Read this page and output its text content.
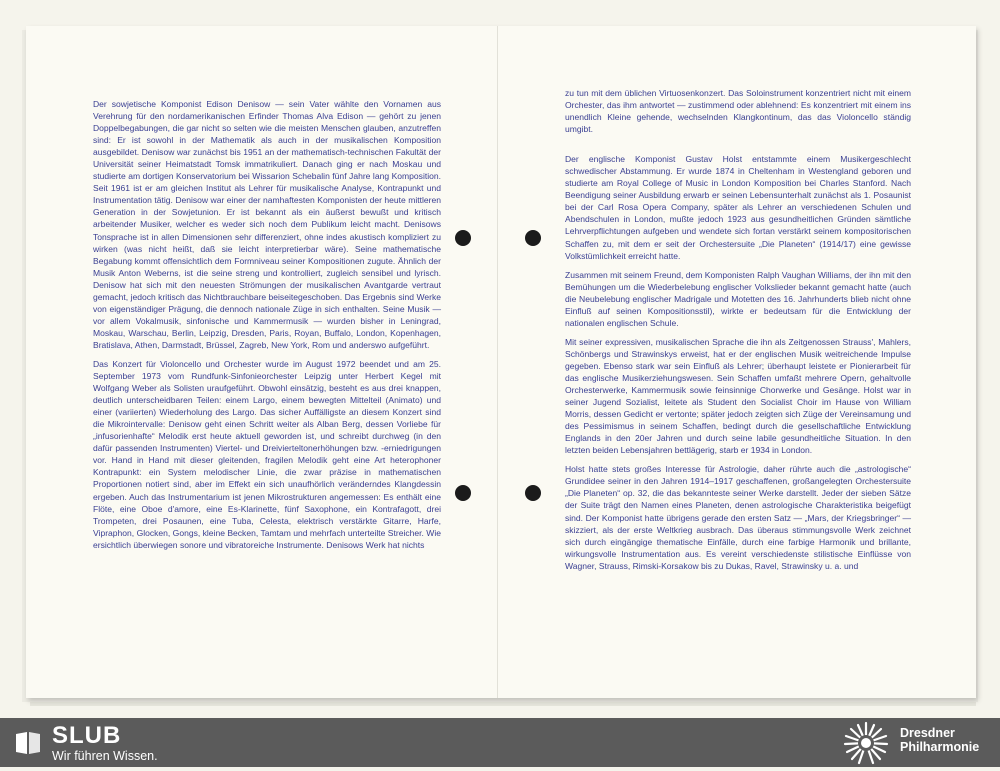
Der sowjetische Komponist Edison Denisow — sein Vater wählte den Vornamen aus Verehrung für den nordamerikanischen Erfinder Thomas Alva Edison — gehört zu jenen Doppelbegabungen, die gar nicht so selten wie die meisten Menschen glauben, anzutreffen sind: Er ist sowohl in der Mathematik als auch in der musikalischen Komposition ausgebildet. Denisow war zunächst bis 1951 an der mathematisch-technischen Fakultät der Universität seiner Heimatstadt Tomsk immatrikuliert. Danach ging er nach Moskau und studierte am dortigen Konservatorium bei Wissarion Schebalin fünf Jahre lang Komposition. Seit 1961 ist er am gleichen Institut als Lehrer für musikalische Analyse, Kontrapunkt und Instrumentation tätig. Denisow war einer der namhaftesten Komponisten der heute mittleren Generation in der Sowjetunion. Er ist bekannt als ein äußerst bewußt und kritisch arbeitender Musiker, welcher es weder sich noch dem Publikum leicht macht. Denisows Tonsprache ist in allen Dimensionen sehr differenziert, ohne indes akustisch kompliziert zu wirken (was nicht heißt, daß sie leicht interpretierbar wäre). Seine mathematische Begabung kommt offensichtlich dem Formniveau seiner Kompositionen zugute. Ähnlich der Musik Anton Weberns, ist die seine streng und kontrolliert, zugleich sensibel und lyrisch. Denisow hat sich mit den neuesten Strömungen der musikalischen Avantgarde vertraut gemacht, jedoch kritisch das Nichtbrauchbare beiseitegeschoben. Das Ergebnis sind Werke von eigenständiger Prägung, die dennoch nationale Züge in sich enthalten. Seine Musik — vor allem Vokalmusik, sinfonische und Kammermusik — wurden bisher in Leningrad, Moskau, Warschau, Berlin, Leipzig, Dresden, Paris, Royan, Buffalo, London, Kopenhagen, Bratislava, Athen, Darmstadt, Brüssel, Zagreb, New York, Rom und anderswo aufgeführt.

Das Konzert für Violoncello und Orchester wurde im August 1972 beendet und am 25. September 1973 vom Rundfunk-Sinfonieorchester Leipzig unter Herbert Kegel mit Wolfgang Weber als Solisten uraufgeführt. Obwohl einsätzig, besteht es aus drei knappen, deutlich unterscheidbaren Teilen: einem Largo, einem bewegten Mittelteil (Animato) und einer (variierten) Wiederholung des Largo. Das sicher Auffälligste an diesem Konzert sind die Mikrointervalle: Denisow geht einen Schritt weiter als Alban Berg, dessen Vorliebe für „infusorienhafte“ Melodik erst heute aktuell geworden ist, und schreibt durchweg (in den dafür passenden Instrumenten) Viertel- und Dreivierteltonerhöhungen bzw. -erniedrigungen vor. Hand in Hand mit dieser gleitenden, fragilen Melodik geht eine Art heterophoner Kontrapunkt: ein System melodischer Linie, die zwar präzise in mathematischen Proportionen notiert sind, aber im Effekt ein sich unaufhörlich veränderndes Klangdessin ergeben. Auch das Instrumentarium ist jenen Mikrostrukturen angemessen: Es enthält eine Flöte, eine Oboe d'amore, eine Es-Klarinette, fünf Saxophone, ein Kontrafagott, drei Trompeten, drei Posaunen, eine Tuba, Celesta, elektrisch verstärkte Gitarre, Harfe, Vipraphon, Glocken, Gongs, kleine Becken, Tamtam und mehrfach unterteilte Streicher. Wie ersichtlich überwiegen sonore und vibratoreiche Instrumente. Denisows Werk hat nichts

zu tun mit dem üblichen Virtuosenkonzert. Das Soloinstrument konzentriert nicht mit einem Orchester, das ihm antwortet — zustimmend oder ablehnend: Es konzentriert mit einem ins unendlich Kleine gehende, wechselnden Klangkontinum, das das Violoncello ständig umgibt.

Der englische Komponist Gustav Holst entstammte einem Musikergeschlecht schwedischer Abstammung. Er wurde 1874 in Cheltenham in Westengland geboren und studierte am Royal College of Music in London Komposition bei Charles Stanford. Nach Beendigung seiner Ausbildung erwarb er seinen Lebensunterhalt zunächst als 1. Posaunist bei der Carl Rosa Opera Company, später als Lehrer an verschiedenen Schulen und Abendschulen in London, mußte jedoch 1923 aus gesundheitlichen Gründen sämtliche Lehrverpflichtungen aufgeben und wendete sich fortan verstärkt seinem kompositorischen Schaffen zu, mit dem er seit der Orchestersuite „Die Planeten“ (1914/17) eine gewisse Volkstümlichkeit erreicht hatte.

Zusammen mit seinem Freund, dem Komponisten Ralph Vaughan Williams, der ihn mit den Bemühungen um die Wiederbelebung englischer Volkslieder bekannt gemacht hatte (auch die Neubelebung englischer Madrigale und Motetten des 16. Jahrhunderts blieb nicht ohne Einfluß auf seinen Kompositionsstil), wirkte er bedeutsam für die Entwicklung der nationalen englischen Schule.

Mit seiner expressiven, musikalischen Sprache die ihn als Zeitgenossen Strauss', Mahlers, Schönbergs und Strawinskys erweist, hat er der englischen Musik weitreichende Impulse gegeben. Ebenso stark war sein Einfluß als Lehrer; überhaupt leistete er Pionierarbeit für das englische Musikerziehungswesen. Sein Schaffen umfaßt mehrere Opern, gehaltvolle Orchesterwerke, Kammermusik sowie feinsinnige Chorwerke und Gesänge. Holst war in seiner Jugend Sozialist, leitete als Student den Socialist Choir im Hause von William Morris, dessen Gedicht er vertonte; später jedoch zeigten sich Züge der Vereinsamung und des Pessimismus in seinem Schaffen, bedingt durch die gesellschaftliche Entwicklung Englands in den 20er Jahren und durch seine labile gesundheitliche Situation. In den letzten beiden Lebensjahren bettlägerig, starb er 1934 in London.

Holst hatte stets großes Interesse für Astrologie, daher rührte auch die „astrologische“ Grundidee seiner in den Jahren 1914–1917 geschaffenen, großangelegten Orchestersuite „Die Planeten“ op. 32, die das bekannteste seiner Werke darstellt. Jeder der sieben Sätze der Suite trägt den Namen eines Planeten, denen astrologische Charakteristika beigefügt sind. Der Komponist hatte übrigens gerade den ersten Satz — „Mars, der Kriegsbringer“ — skizziert, als der erste Weltkrieg ausbrach. Das überaus stimmungsvolle Werk zeichnet sich durch eingängige thematische Einfälle, durch eine farbige Harmonik und brillante, wirkungsvolle Instrumentation aus. Es vereint verschiedenste stilistische Einflüsse von Wagner, Strauss, Rimski-Korsakow bis zu Dukas, Ravel, Strawinsky u. a. und

SLUB
Wir führen Wissen.
Dresdner
Philharmonie
